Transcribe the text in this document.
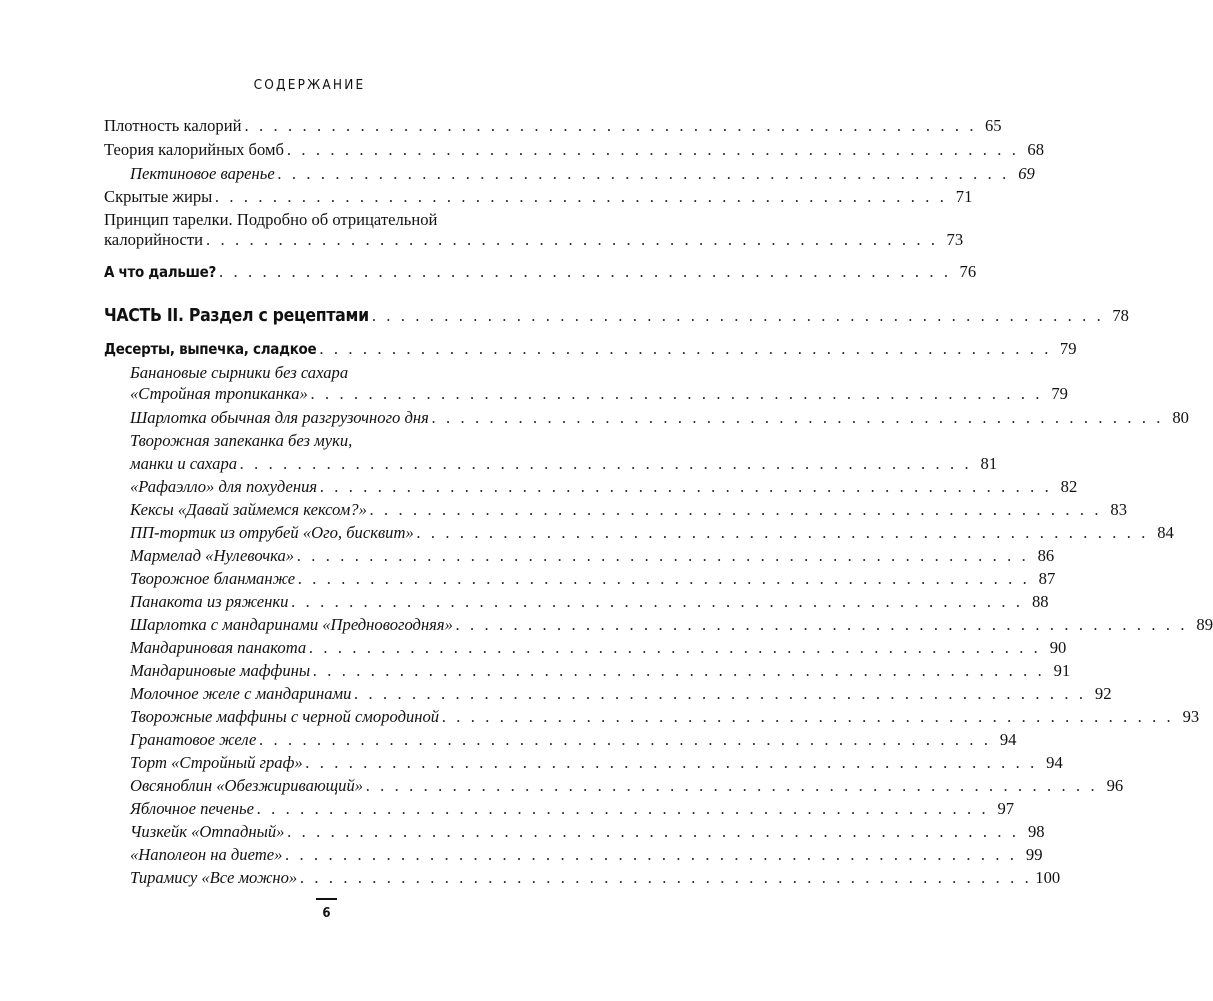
СОДЕРЖАНИЕ
Плотность калорий . . . . . . . . . . . . . . . . . . . . . . . . . . . . . . . . . . . . . . . . . . . . . . . . . . . 65
Теория калорийных бомб . . . . . . . . . . . . . . . . . . . . . . . . . . . . . . . . . . . . . . . . . . . . . . . . . . . 68
Пектиновое варенье . . . . . . . . . . . . . . . . . . . . . . . . . . . . . . . . . . . . . . . . . . . . . . . . . . . 69
Скрытые жиры . . . . . . . . . . . . . . . . . . . . . . . . . . . . . . . . . . . . . . . . . . . . . . . . . . . 71
Принцип тарелки. Подробно об отрицательной
калорийности . . . . . . . . . . . . . . . . . . . . . . . . . . . . . . . . . . . . . . . . . . . . . . . . . . . 73
А что дальше? . . . . . . . . . . . . . . . . . . . . . . . . . . . . . . . . . . . . . . . . . . . . . . . . . . . 76
ЧАСТЬ II. Раздел с рецептами . . . . . . . . . . . . . . . . . . . . . . . . . . . . . . . . . . . . . . . . . . . . . . . . . . . 78
Десерты, выпечка, сладкое . . . . . . . . . . . . . . . . . . . . . . . . . . . . . . . . . . . . . . . . . . . . . . . . . . . 79
Банановые сырники без сахара
«Стройная тропиканка» . . . . . . . . . . . . . . . . . . . . . . . . . . . . . . . . . . . . . . . . . . . . . . . . . . . 79
Шарлотка обычная для разгрузочного дня . . . . . . . . . . . . . . . . . . . . . . . . . . . . . . . . . . . . . . . . . . . . . . . . . . . 80
Творожная запеканка без муки,
манки и сахара . . . . . . . . . . . . . . . . . . . . . . . . . . . . . . . . . . . . . . . . . . . . . . . . . . . 81
«Рафаэлло» для похудения . . . . . . . . . . . . . . . . . . . . . . . . . . . . . . . . . . . . . . . . . . . . . . . . . . . 82
Кексы «Давай займемся кексом?» . . . . . . . . . . . . . . . . . . . . . . . . . . . . . . . . . . . . . . . . . . . . . . . . . . . 83
ПП-тортик из отрубей «Ого, бисквит» . . . . . . . . . . . . . . . . . . . . . . . . . . . . . . . . . . . . . . . . . . . . . . . . . . . 84
Мармелад «Нулевочка» . . . . . . . . . . . . . . . . . . . . . . . . . . . . . . . . . . . . . . . . . . . . . . . . . . . 86
Творожное бланманже . . . . . . . . . . . . . . . . . . . . . . . . . . . . . . . . . . . . . . . . . . . . . . . . . . . 87
Панакота из ряженки . . . . . . . . . . . . . . . . . . . . . . . . . . . . . . . . . . . . . . . . . . . . . . . . . . . 88
Шарлотка с мандаринами «Предновогодняя» . . . . . . . . . . . . . . . . . . . . . . . . . . . . . . . . . . . . . . . . . . . . . . . . . . . 89
Мандариновая панакота . . . . . . . . . . . . . . . . . . . . . . . . . . . . . . . . . . . . . . . . . . . . . . . . . . . 90
Мандариновые маффины . . . . . . . . . . . . . . . . . . . . . . . . . . . . . . . . . . . . . . . . . . . . . . . . . . . 91
Молочное желе с мандаринами . . . . . . . . . . . . . . . . . . . . . . . . . . . . . . . . . . . . . . . . . . . . . . . . . . . 92
Творожные маффины с черной смородиной . . . . . . . . . . . . . . . . . . . . . . . . . . . . . . . . . . . . . . . . . . . . . . . . . . . 93
Гранатовое желе . . . . . . . . . . . . . . . . . . . . . . . . . . . . . . . . . . . . . . . . . . . . . . . . . . . 94
Торт «Стройный граф» . . . . . . . . . . . . . . . . . . . . . . . . . . . . . . . . . . . . . . . . . . . . . . . . . . . 94
Овсяноблин «Обезжиривающий» . . . . . . . . . . . . . . . . . . . . . . . . . . . . . . . . . . . . . . . . . . . . . . . . . . . 96
Яблочное печенье . . . . . . . . . . . . . . . . . . . . . . . . . . . . . . . . . . . . . . . . . . . . . . . . . . . 97
Чизкейк «Отпадный» . . . . . . . . . . . . . . . . . . . . . . . . . . . . . . . . . . . . . . . . . . . . . . . . . . . 98
«Наполеон на диете» . . . . . . . . . . . . . . . . . . . . . . . . . . . . . . . . . . . . . . . . . . . . . . . . . . . 99
Тирамису «Все можно» . . . . . . . . . . . . . . . . . . . . . . . . . . . . . . . . . . . . . . . . . . . . . . . . . . . 100
6
